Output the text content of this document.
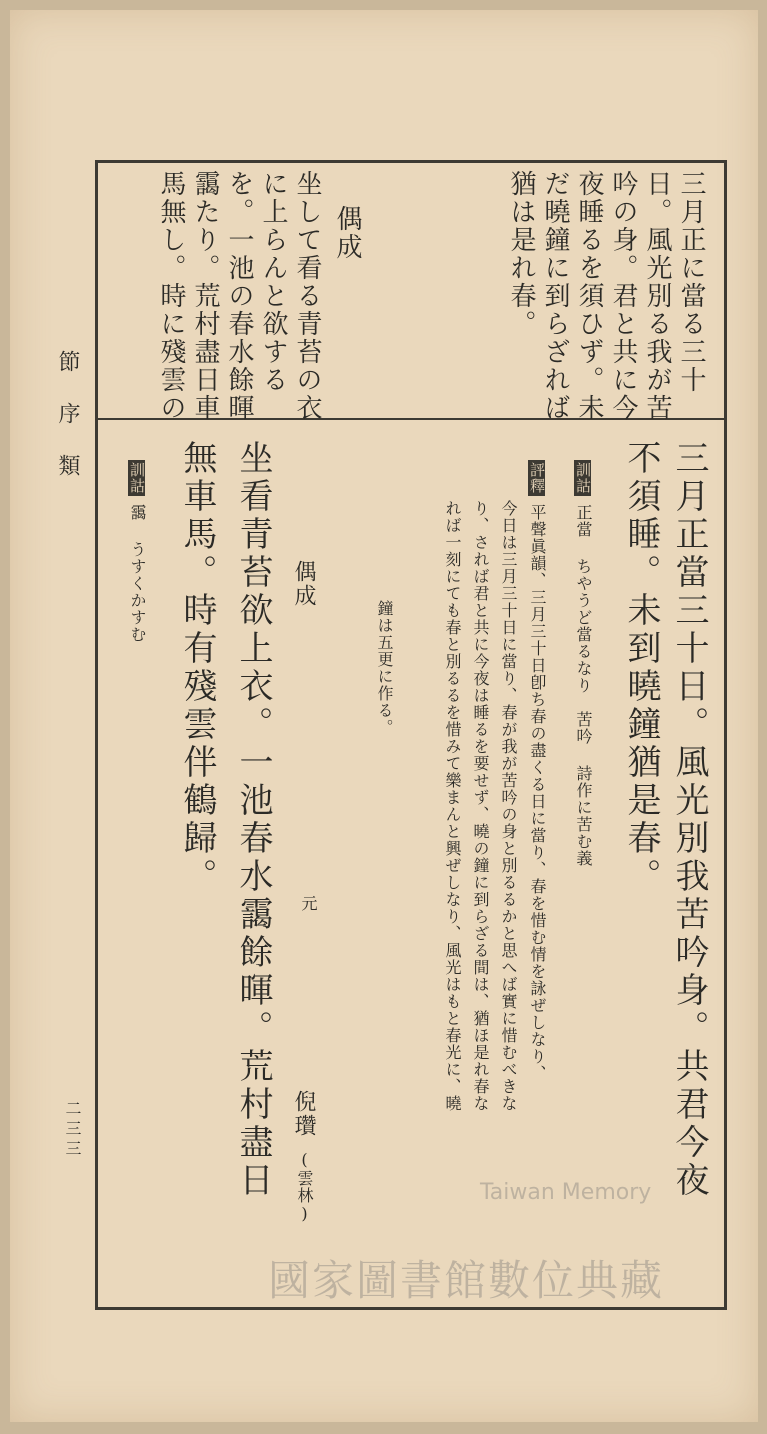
節序類
二三三
三月正に當る三十
日。風光別る我が苦
吟の身。君と共に今
夜睡るを須ひず。未
だ曉鐘に到らざれば
猶は是れ春。
偶成
坐して看る青苔の衣
に上らんと欲する
を。一池の春水餘暉
靄たり。荒村盡日車
馬無し。時に殘雲の
三月正當三十日。風光別我苦吟身。共君今夜
不須睡。未到曉鐘猶是春。
訓詁正當 ちやうど當るなり　苦吟 詩作に苦む義
評釋平聲眞韻、三月三十日卽ち春の盡くる日に當り、春を惜む情を詠ぜしなり、
今日は三月三十日に當り、春が我が苦吟の身と別るるかと思へば實に惜むべきな
り、されば君と共に今夜は睡るを要せず、曉の鐘に到らざる間は、猶ほ是れ春な
れば一刻にても春と別るるを惜みて樂まんと興ぜしなり、風光はもと春光に、曉
鐘は五更に作る。
偶成
元
倪瓚
(雲林)
坐看青苔欲上衣。一池春水靄餘暉。荒村盡日
無車馬。時有殘雲伴鶴歸。
訓詁靄 うすくかすむ
Taiwan Memory
國家圖書館數位典藏
